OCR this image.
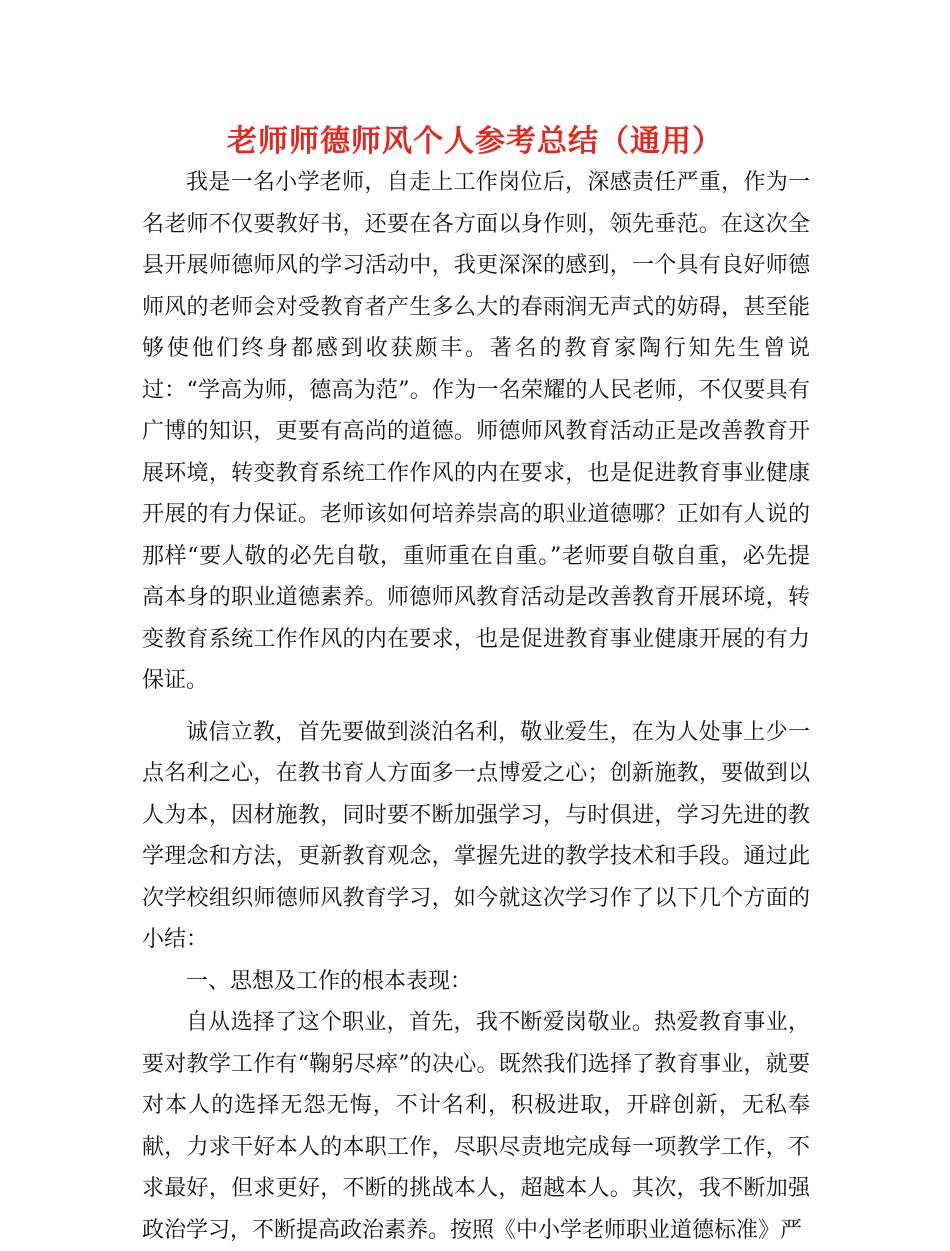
老师师德师风个人参考总结（通用）

我是一名小学老师，自走上工作岗位后，深感责任严重，作为一名老师不仅要教好书，还要在各方面以身作则，领先垂范。在这次全县开展师德师风的学习活动中，我更深深的感到，一个具有良好师德师风的老师会对受教育者产生多么大的春雨润无声式的妨碍，甚至能够使他们终身都感到收获颇丰。著名的教育家陶行知先生曾说过：“学高为师，德高为范”。作为一名荣耀的人民老师，不仅要具有广博的知识，更要有高尚的道德。师德师风教育活动正是改善教育开展环境，转变教育系统工作作风的内在要求，也是促进教育事业健康开展的有力保证。老师该如何培养崇高的职业道德哪？正如有人说的那样“要人敬的必先自敬，重师重在自重。”老师要自敬自重，必先提高本身的职业道德素养。师德师风教育活动是改善教育开展环境，转变教育系统工作作风的内在要求，也是促进教育事业健康开展的有力保证。

诚信立教，首先要做到淡泊名利，敬业爱生，在为人处事上少一点名利之心，在教书育人方面多一点博爱之心；创新施教，要做到以人为本，因材施教，同时要不断加强学习，与时俱进，学习先进的教学理念和方法，更新教育观念，掌握先进的教学技术和手段。通过此次学校组织师德师风教育学习，如今就这次学习作了以下几个方面的小结：

一、思想及工作的根本表现：

自从选择了这个职业，首先，我不断爱岗敬业。热爱教育事业，要对教学工作有“鞠躬尽瘁”的决心。既然我们选择了教育事业，就要对本人的选择无怨无悔，不计名利，积极进取，开辟创新，无私奉献，力求干好本人的本职工作，尽职尽责地完成每一项教学工作，不求最好，但求更好，不断的挑战本人，超越本人。其次，我不断加强政治学习，不断提高政治素养。按照《中小学老师职业道德标准》严
